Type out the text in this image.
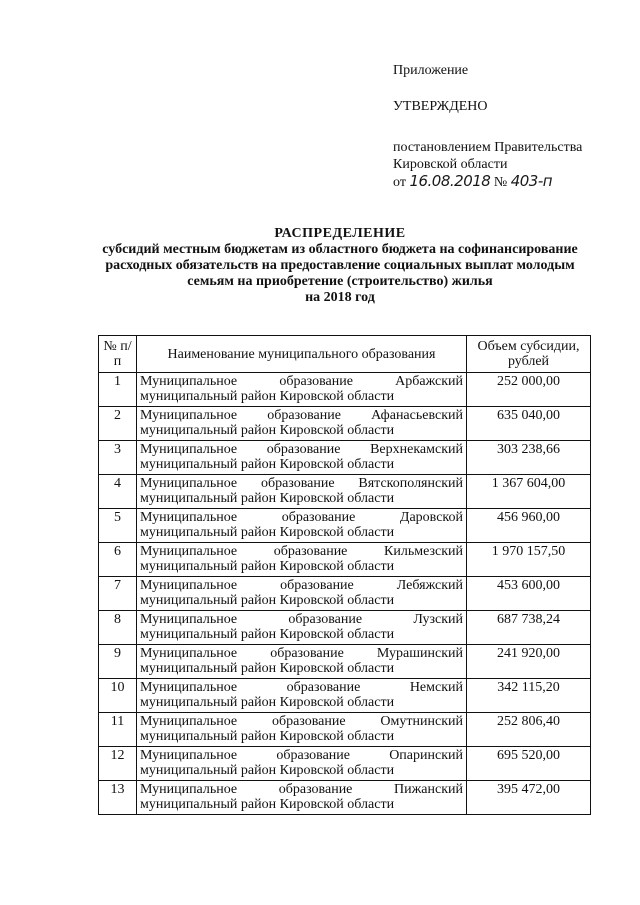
Приложение
УТВЕРЖДЕНО
постановлением Правительства
Кировской области
от 16.08.2018 № 403-п
РАСПРЕДЕЛЕНИЕ
субсидий местным бюджетам из областного бюджета на софинансирование
расходных обязательств на предоставление социальных выплат молодым
семьям на приобретение (строительство) жилья
на 2018 год
№ п/п	Наименование муниципального образования	Объем субсидии, рублей
1	Муниципальное образование Арбажский
муниципальный район Кировской области	252 000,00
2	Муниципальное образование Афанасьевский
муниципальный район Кировской области	635 040,00
3	Муниципальное образование Верхнекамский
муниципальный район Кировской области	303 238,66
4	Муниципальное образование Вятскополянский
муниципальный район Кировской области	1 367 604,00
5	Муниципальное образование Даровской
муниципальный район Кировской области	456 960,00
6	Муниципальное образование Кильмезский
муниципальный район Кировской области	1 970 157,50
7	Муниципальное образование Лебяжский
муниципальный район Кировской области	453 600,00
8	Муниципальное образование Лузский
муниципальный район Кировской области	687 738,24
9	Муниципальное образование Мурашинский
муниципальный район Кировской области	241 920,00
10	Муниципальное образование Немский
муниципальный район Кировской области	342 115,20
11	Муниципальное образование Омутнинский
муниципальный район Кировской области	252 806,40
12	Муниципальное образование Опаринский
муниципальный район Кировской области	695 520,00
13	Муниципальное образование Пижанский
муниципальный район Кировской области	395 472,00
